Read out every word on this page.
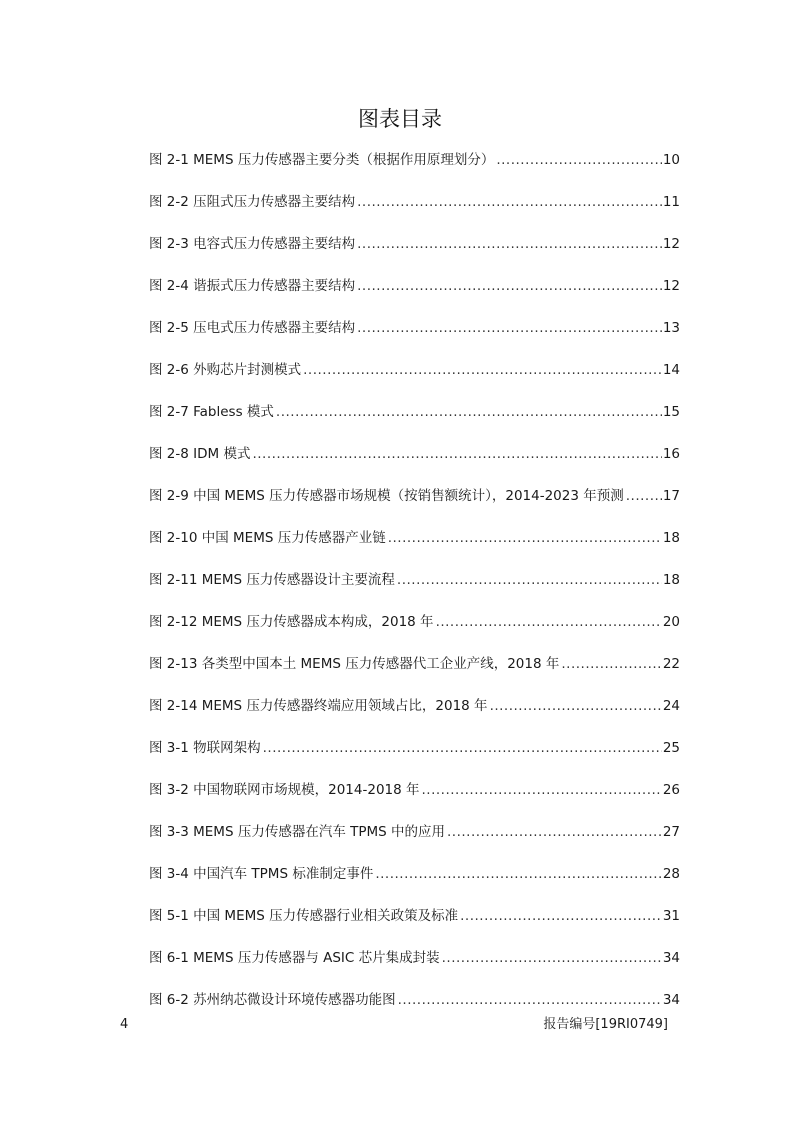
图表目录
图 2-1 MEMS 压力传感器主要分类（根据作用原理划分） .....	10
图 2-2 压阻式压力传感器主要结构 .....	11
图 2-3 电容式压力传感器主要结构 .....	12
图 2-4 谐振式压力传感器主要结构 .....	12
图 2-5 压电式压力传感器主要结构 .....	13
图 2-6 外购芯片封测模式 .....	14
图 2-7 Fabless 模式 .....	15
图 2-8 IDM 模式 .....	16
图 2-9 中国 MEMS 压力传感器市场规模（按销售额统计），2014-2023 年预测 .....	17
图 2-10 中国 MEMS 压力传感器产业链 .....	18
图 2-11 MEMS 压力传感器设计主要流程 .....	18
图 2-12 MEMS 压力传感器成本构成，2018 年 .....	20
图 2-13 各类型中国本土 MEMS 压力传感器代工企业产线，2018 年 .....	22
图 2-14 MEMS 压力传感器终端应用领域占比，2018 年 .....	24
图 3-1 物联网架构 .....	25
图 3-2 中国物联网市场规模，2014-2018 年 .....	26
图 3-3 MEMS 压力传感器在汽车 TPMS 中的应用 .....	27
图 3-4 中国汽车 TPMS 标准制定事件 .....	28
图 5-1 中国 MEMS 压力传感器行业相关政策及标准 .....	31
图 6-1 MEMS 压力传感器与 ASIC 芯片集成封装 .....	34
图 6-2 苏州纳芯微设计环境传感器功能图 .....	34
4	报告编号[19RI0749]
